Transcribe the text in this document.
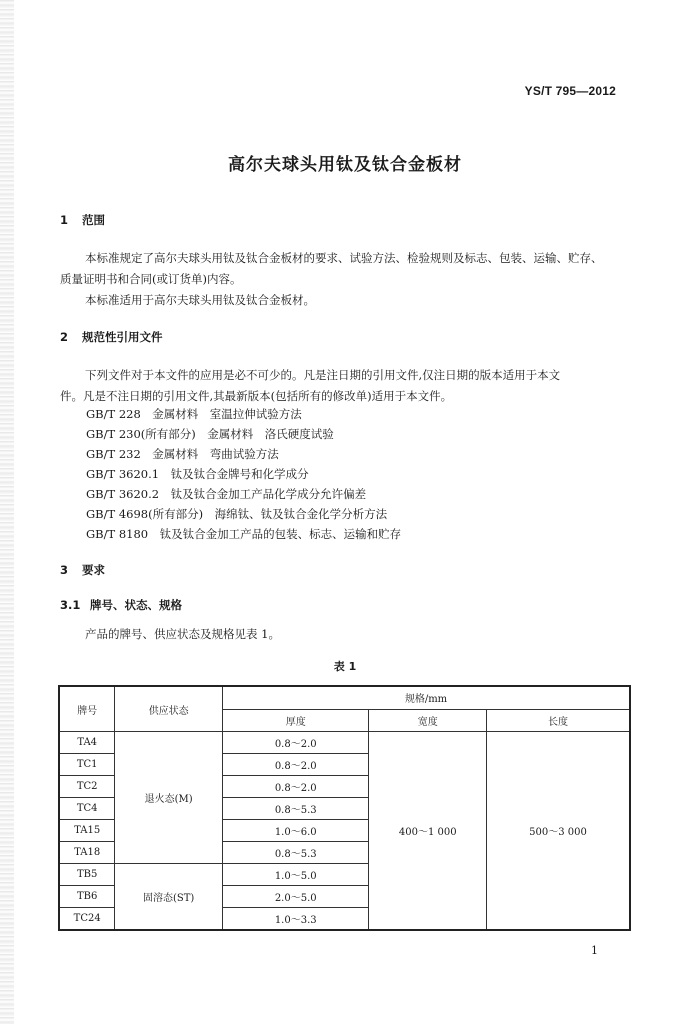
YS/T 795—2012
高尔夫球头用钛及钛合金板材
1 范围
本标准规定了高尔夫球头用钛及钛合金板材的要求、试验方法、检验规则及标志、包装、运输、贮存、
质量证明书和合同(或订货单)内容。
本标准适用于高尔夫球头用钛及钛合金板材。
2 规范性引用文件
下列文件对于本文件的应用是必不可少的。凡是注日期的引用文件,仅注日期的版本适用于本文
件。凡是不注日期的引用文件,其最新版本(包括所有的修改单)适用于本文件。
GB/T 228　金属材料　室温拉伸试验方法
GB/T 230(所有部分)　金属材料　洛氏硬度试验
GB/T 232　金属材料　弯曲试验方法
GB/T 3620.1　钛及钛合金牌号和化学成分
GB/T 3620.2　钛及钛合金加工产品化学成分允许偏差
GB/T 4698(所有部分)　海绵钛、钛及钛合金化学分析方法
GB/T 8180　钛及钛合金加工产品的包装、标志、运输和贮存
3 要求
3.1 牌号、状态、规格
产品的牌号、供应状态及规格见表 1。
表 1
牌号	供应状态	规格/mm		
		厚度	宽度	长度
TA4	退火态(M)	0.8～2.0	400～1 000	500～3 000
TC1		0.8～2.0		
TC2		0.8～2.0		
TC4		0.8～5.3		
TA15		1.0～6.0		
TA18		0.8～5.3		
TB5	固溶态(ST)	1.0～5.0		
TB6		2.0～5.0		
TC24		1.0～3.3		
1
